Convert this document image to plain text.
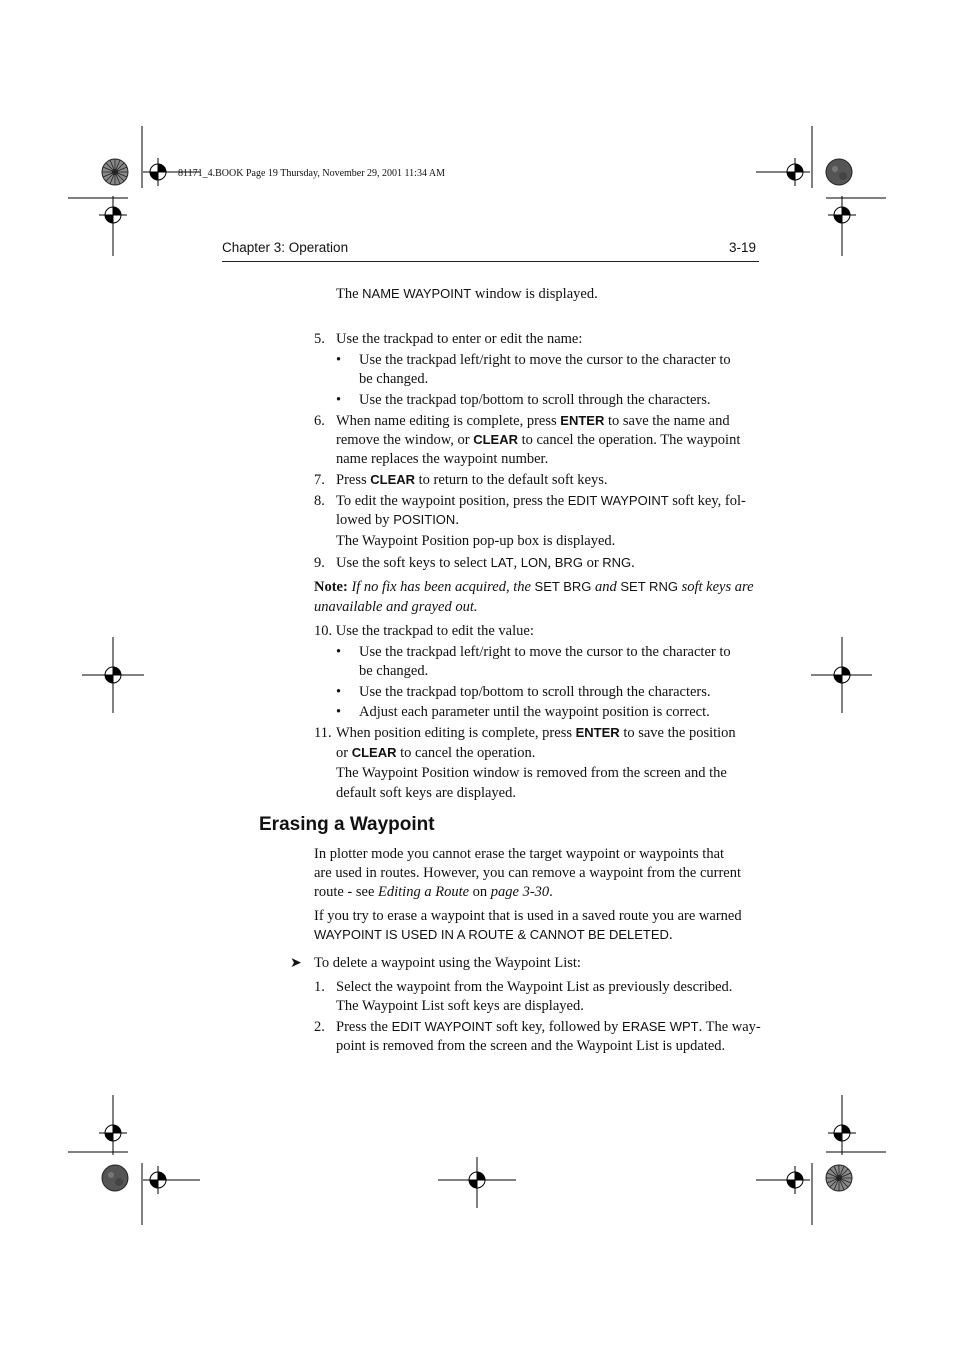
81171_4.BOOK Page 19 Thursday, November 29, 2001 11:34 AM
Chapter 3: Operation	3-19
The NAME WAYPOINT window is displayed.
5. Use the trackpad to enter or edit the name:
• Use the trackpad left/right to move the cursor to the character to
be changed.
• Use the trackpad top/bottom to scroll through the characters.
6. When name editing is complete, press ENTER to save the name and
remove the window, or CLEAR to cancel the operation. The waypoint
name replaces the waypoint number.
7. Press CLEAR to return to the default soft keys.
8. To edit the waypoint position, press the EDIT WAYPOINT soft key, fol-
lowed by POSITION.
The Waypoint Position pop-up box is displayed.
9. Use the soft keys to select LAT, LON, BRG or RNG.
Note: If no fix has been acquired, the SET BRG and SET RNG soft keys are
unavailable and grayed out.
10. Use the trackpad to edit the value:
• Use the trackpad left/right to move the cursor to the character to
be changed.
• Use the trackpad top/bottom to scroll through the characters.
• Adjust each parameter until the waypoint position is correct.
11. When position editing is complete, press ENTER to save the position
or CLEAR to cancel the operation.
The Waypoint Position window is removed from the screen and the
default soft keys are displayed.
Erasing a Waypoint
In plotter mode you cannot erase the target waypoint or waypoints that
are used in routes. However, you can remove a waypoint from the current
route - see Editing a Route on page 3-30.
If you try to erase a waypoint that is used in a saved route you are warned
WAYPOINT IS USED IN A ROUTE & CANNOT BE DELETED.
➤ To delete a waypoint using the Waypoint List:
1. Select the waypoint from the Waypoint List as previously described.
The Waypoint List soft keys are displayed.
2. Press the EDIT WAYPOINT soft key, followed by ERASE WPT. The way-
point is removed from the screen and the Waypoint List is updated.
